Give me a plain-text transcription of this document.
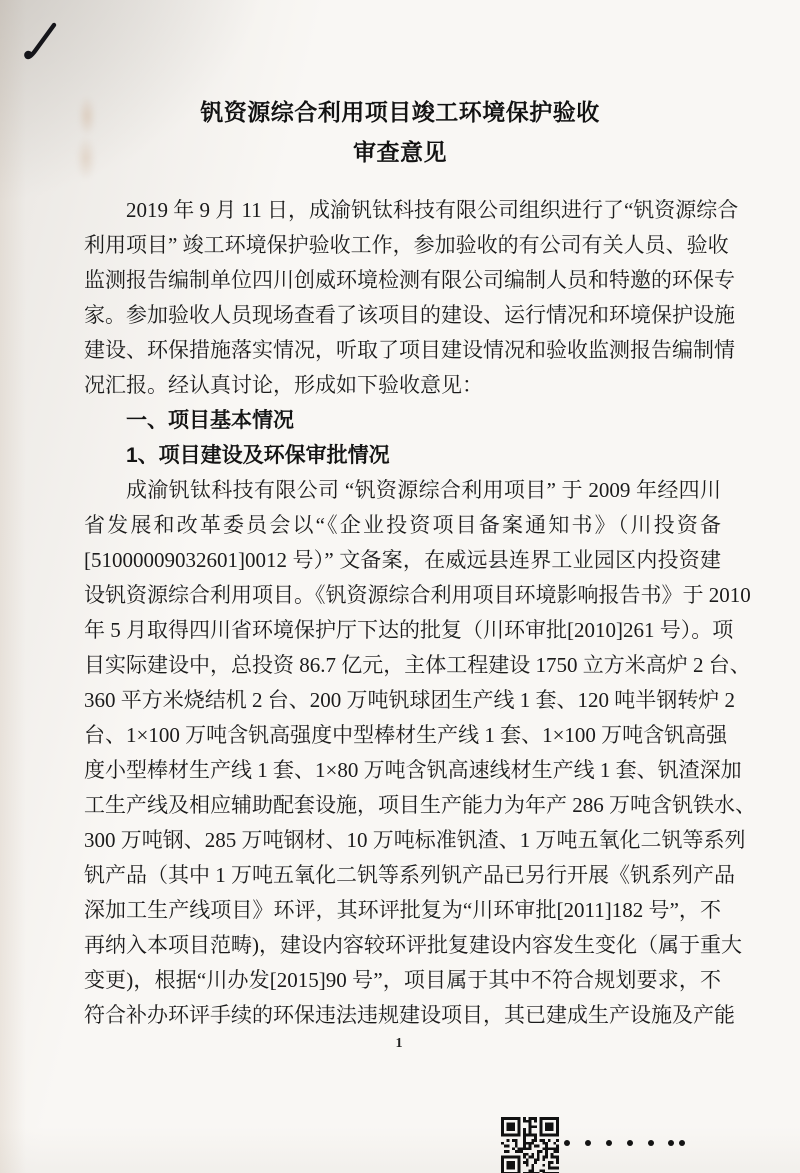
钒资源综合利用项目竣工环境保护验收
审查意见
2019 年 9 月 11 日，成渝钒钛科技有限公司组织进行了“钒资源综合
利用项目” 竣工环境保护验收工作，参加验收的有公司有关人员、验收
监测报告编制单位四川创威环境检测有限公司编制人员和特邀的环保专
家。参加验收人员现场查看了该项目的建设、运行情况和环境保护设施
建设、环保措施落实情况，听取了项目建设情况和验收监测报告编制情
况汇报。经认真讨论，形成如下验收意见：
一、项目基本情况
1、项目建设及环保审批情况
成渝钒钛科技有限公司 “钒资源综合利用项目” 于 2009 年经四川
省发展和改革委员会以“《企业投资项目备案通知书》（川投资备
[51000009032601]0012 号）” 文备案，在威远县连界工业园区内投资建
设钒资源综合利用项目。《钒资源综合利用项目环境影响报告书》于 2010
年 5 月取得四川省环境保护厅下达的批复（川环审批[2010]261 号）。项
目实际建设中，总投资 86.7 亿元，主体工程建设 1750 立方米高炉 2 台、
360 平方米烧结机 2 台、200 万吨钒球团生产线 1 套、120 吨半钢转炉 2
台、1×100 万吨含钒高强度中型棒材生产线 1 套、1×100 万吨含钒高强
度小型棒材生产线 1 套、1×80 万吨含钒高速线材生产线 1 套、钒渣深加
工生产线及相应辅助配套设施，项目生产能力为年产 286 万吨含钒铁水、
300 万吨钢、285 万吨钢材、10 万吨标准钒渣、1 万吨五氧化二钒等系列
钒产品（其中 1 万吨五氧化二钒等系列钒产品已另行开展《钒系列产品
深加工生产线项目》环评，其环评批复为“川环审批[2011]182 号”，不
再纳入本项目范畴)，建设内容较环评批复建设内容发生变化（属于重大
变更)，根据“川办发[2015]90 号”，项目属于其中不符合规划要求，不
符合补办环评手续的环保违法违规建设项目，其已建成生产设施及产能
1
